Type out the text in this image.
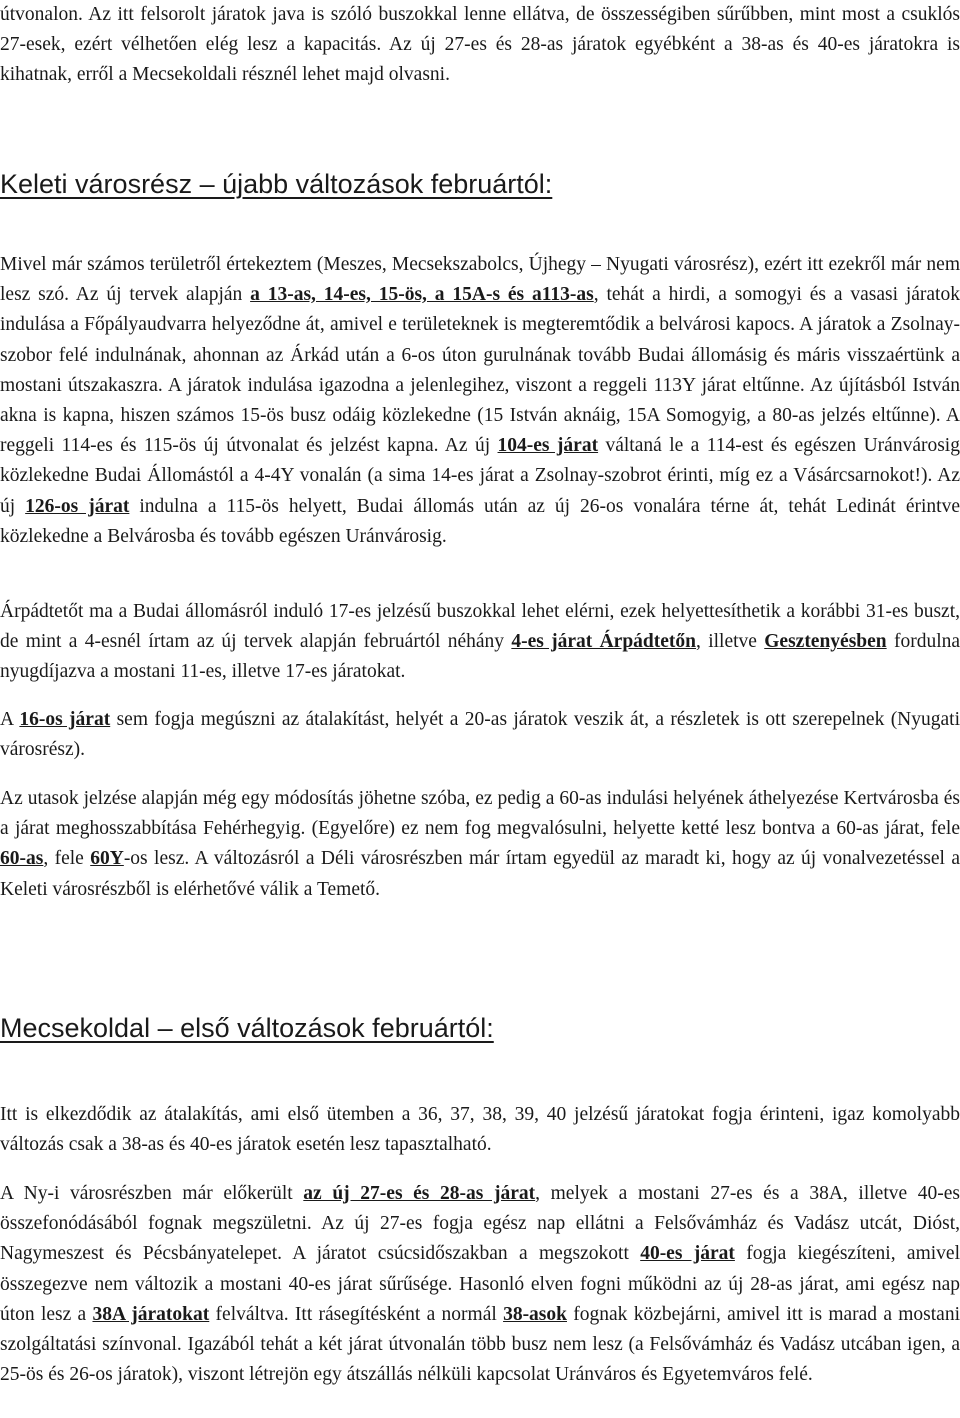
útvonalon. Az itt felsorolt járatok java is szóló buszokkal lenne ellátva, de összességiben sűrűbben, mint most a csuklós 27-esek, ezért vélhetően elég lesz a kapacitás. Az új 27-es és 28-as járatok egyébként a 38-as és 40-es járatokra is kihatnak, erről a Mecsekoldali résznél lehet majd olvasni.

Keleti városrész – újabb változások februártól:

Mivel már számos területről értekeztem (Meszes, Mecsekszabolcs, Újhegy – Nyugati városrész), ezért itt ezekről már nem lesz szó. Az új tervek alapján a 13-as, 14-es, 15-ös, a 15A-s és a113-as, tehát a hirdi, a somogyi és a vasasi járatok indulása a Főpályaudvarra helyeződne át, amivel e területeknek is megteremtődik a belvárosi kapocs. A járatok a Zsolnay-szobor felé indulnának, ahonnan az Árkád után a 6-os úton gurulnának tovább Budai állomásig és máris visszaértünk a mostani útszakaszra. A járatok indulása igazodna a jelenlegihez, viszont a reggeli 113Y járat eltűnne. Az újításból István akna is kapna, hiszen számos 15-ös busz odáig közlekedne (15 István aknáig, 15A Somogyig, a 80-as jelzés eltűnne). A reggeli 114-es és 115-ös új útvonalat és jelzést kapna. Az új 104-es járat váltaná le a 114-est és egészen Uránvárosig közlekedne Budai Állomástól a 4-4Y vonalán (a sima 14-es járat a Zsolnay-szobrot érinti, míg ez a Vásárcsarnokot!). Az új 126-os járat indulna a 115-ös helyett, Budai állomás után az új 26-os vonalára térne át, tehát Ledinát érintve közlekedne a Belvárosba és tovább egészen Uránvárosig.

Árpádtetőt ma a Budai állomásról induló 17-es jelzésű buszokkal lehet elérni, ezek helyettesíthetik a korábbi 31-es buszt, de mint a 4-esnél írtam az új tervek alapján februártól néhány 4-es járat Árpádtetőn, illetve Gesztenyésben fordulna nyugdíjazva a mostani 11-es, illetve 17-es járatokat.

A 16-os járat sem fogja megúszni az átalakítást, helyét a 20-as járatok veszik át, a részletek is ott szerepelnek (Nyugati városrész).

Az utasok jelzése alapján még egy módosítás jöhetne szóba, ez pedig a 60-as indulási helyének áthelyezése Kertvárosba és a járat meghosszabbítása Fehérhegyig. (Egyelőre) ez nem fog megvalósulni, helyette ketté lesz bontva a 60-as járat, fele 60-as, fele 60Y-os lesz. A változásról a Déli városrészben már írtam egyedül az maradt ki, hogy az új vonalvezetéssel a Keleti városrészből is elérhetővé válik a Temető.

Mecsekoldal – első változások februártól:

Itt is elkezdődik az átalakítás, ami első ütemben a 36, 37, 38, 39, 40 jelzésű járatokat fogja érinteni, igaz komolyabb változás csak a 38-as és 40-es járatok esetén lesz tapasztalható.

A Ny-i városrészben már előkerült az új 27-es és 28-as járat, melyek a mostani 27-es és a 38A, illetve 40-es összefonódásából fognak megszületni. Az új 27-es fogja egész nap ellátni a Felsővámház és Vadász utcát, Dióst, Nagymeszest és Pécsbányatelepet. A járatot csúcsidőszakban a megszokott 40-es járat fogja kiegészíteni, amivel összegezve nem változik a mostani 40-es járat sűrűsége. Hasonló elven fogni működni az új 28-as járat, ami egész nap úton lesz a 38A járatokat felváltva. Itt rásegítésként a normál 38-asok fognak közbejárni, amivel itt is marad a mostani szolgáltatási színvonal. Igazából tehát a két járat útvonalán több busz nem lesz (a Felsővámház és Vadász utcában igen, a 25-ös és 26-os járatok), viszont létrejön egy átszállás nélküli kapcsolat Uránváros és Egyetemváros felé.
